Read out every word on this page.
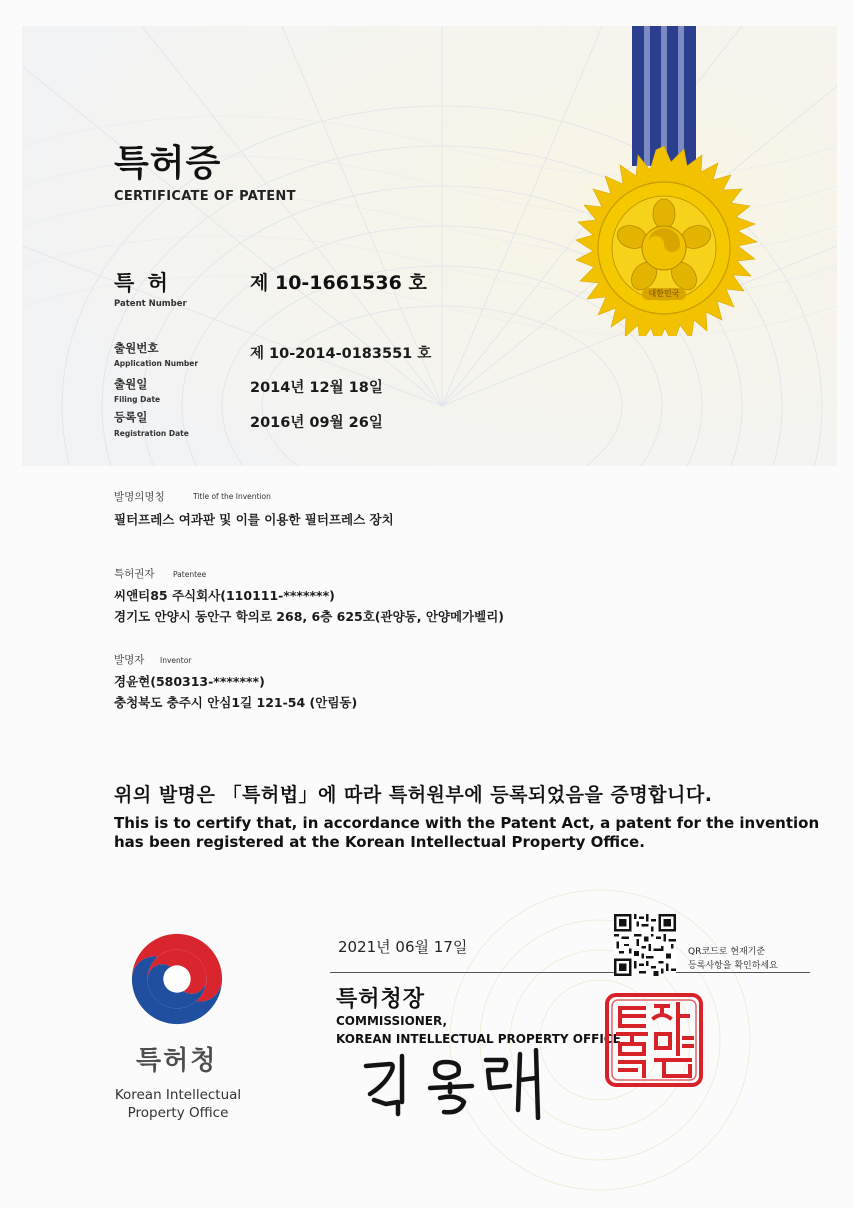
특허증
CERTIFICATE OF PATENT
대한민국
특 허
Patent Number
제 10-1661536 호
출원번호
Application Number
제 10-2014-0183551 호
출원일
Filing Date
2014년 12월 18일
등록일
Registration Date
2016년 09월 26일
발명의명칭	Title of the Invention
필터프레스 여과판 및 이를 이용한 필터프레스 장치
특허권자 Patentee
씨앤티85 주식회사(110111-*******)
경기도 안양시 동안구 학의로 268, 6층 625호(관양동, 안양메가벨리)
발명자 Inventor
경윤현(580313-*******)
충청북도 충주시 안심1길 121-54 (안림동)
위의 발명은 「특허법」에 따라 특허원부에 등록되었음을 증명합니다.
This is to certify that, in accordance with the Patent Act, a patent for the invention
has been registered at the Korean Intellectual Property Office.
특허청
Korean Intellectual
Property Office
2021년 06월 17일	QR코드로 현재기준
등록사항을 확인하세요
특허청장
COMMISSIONER,
KOREAN INTELLECTUAL PROPERTY OFFICE
